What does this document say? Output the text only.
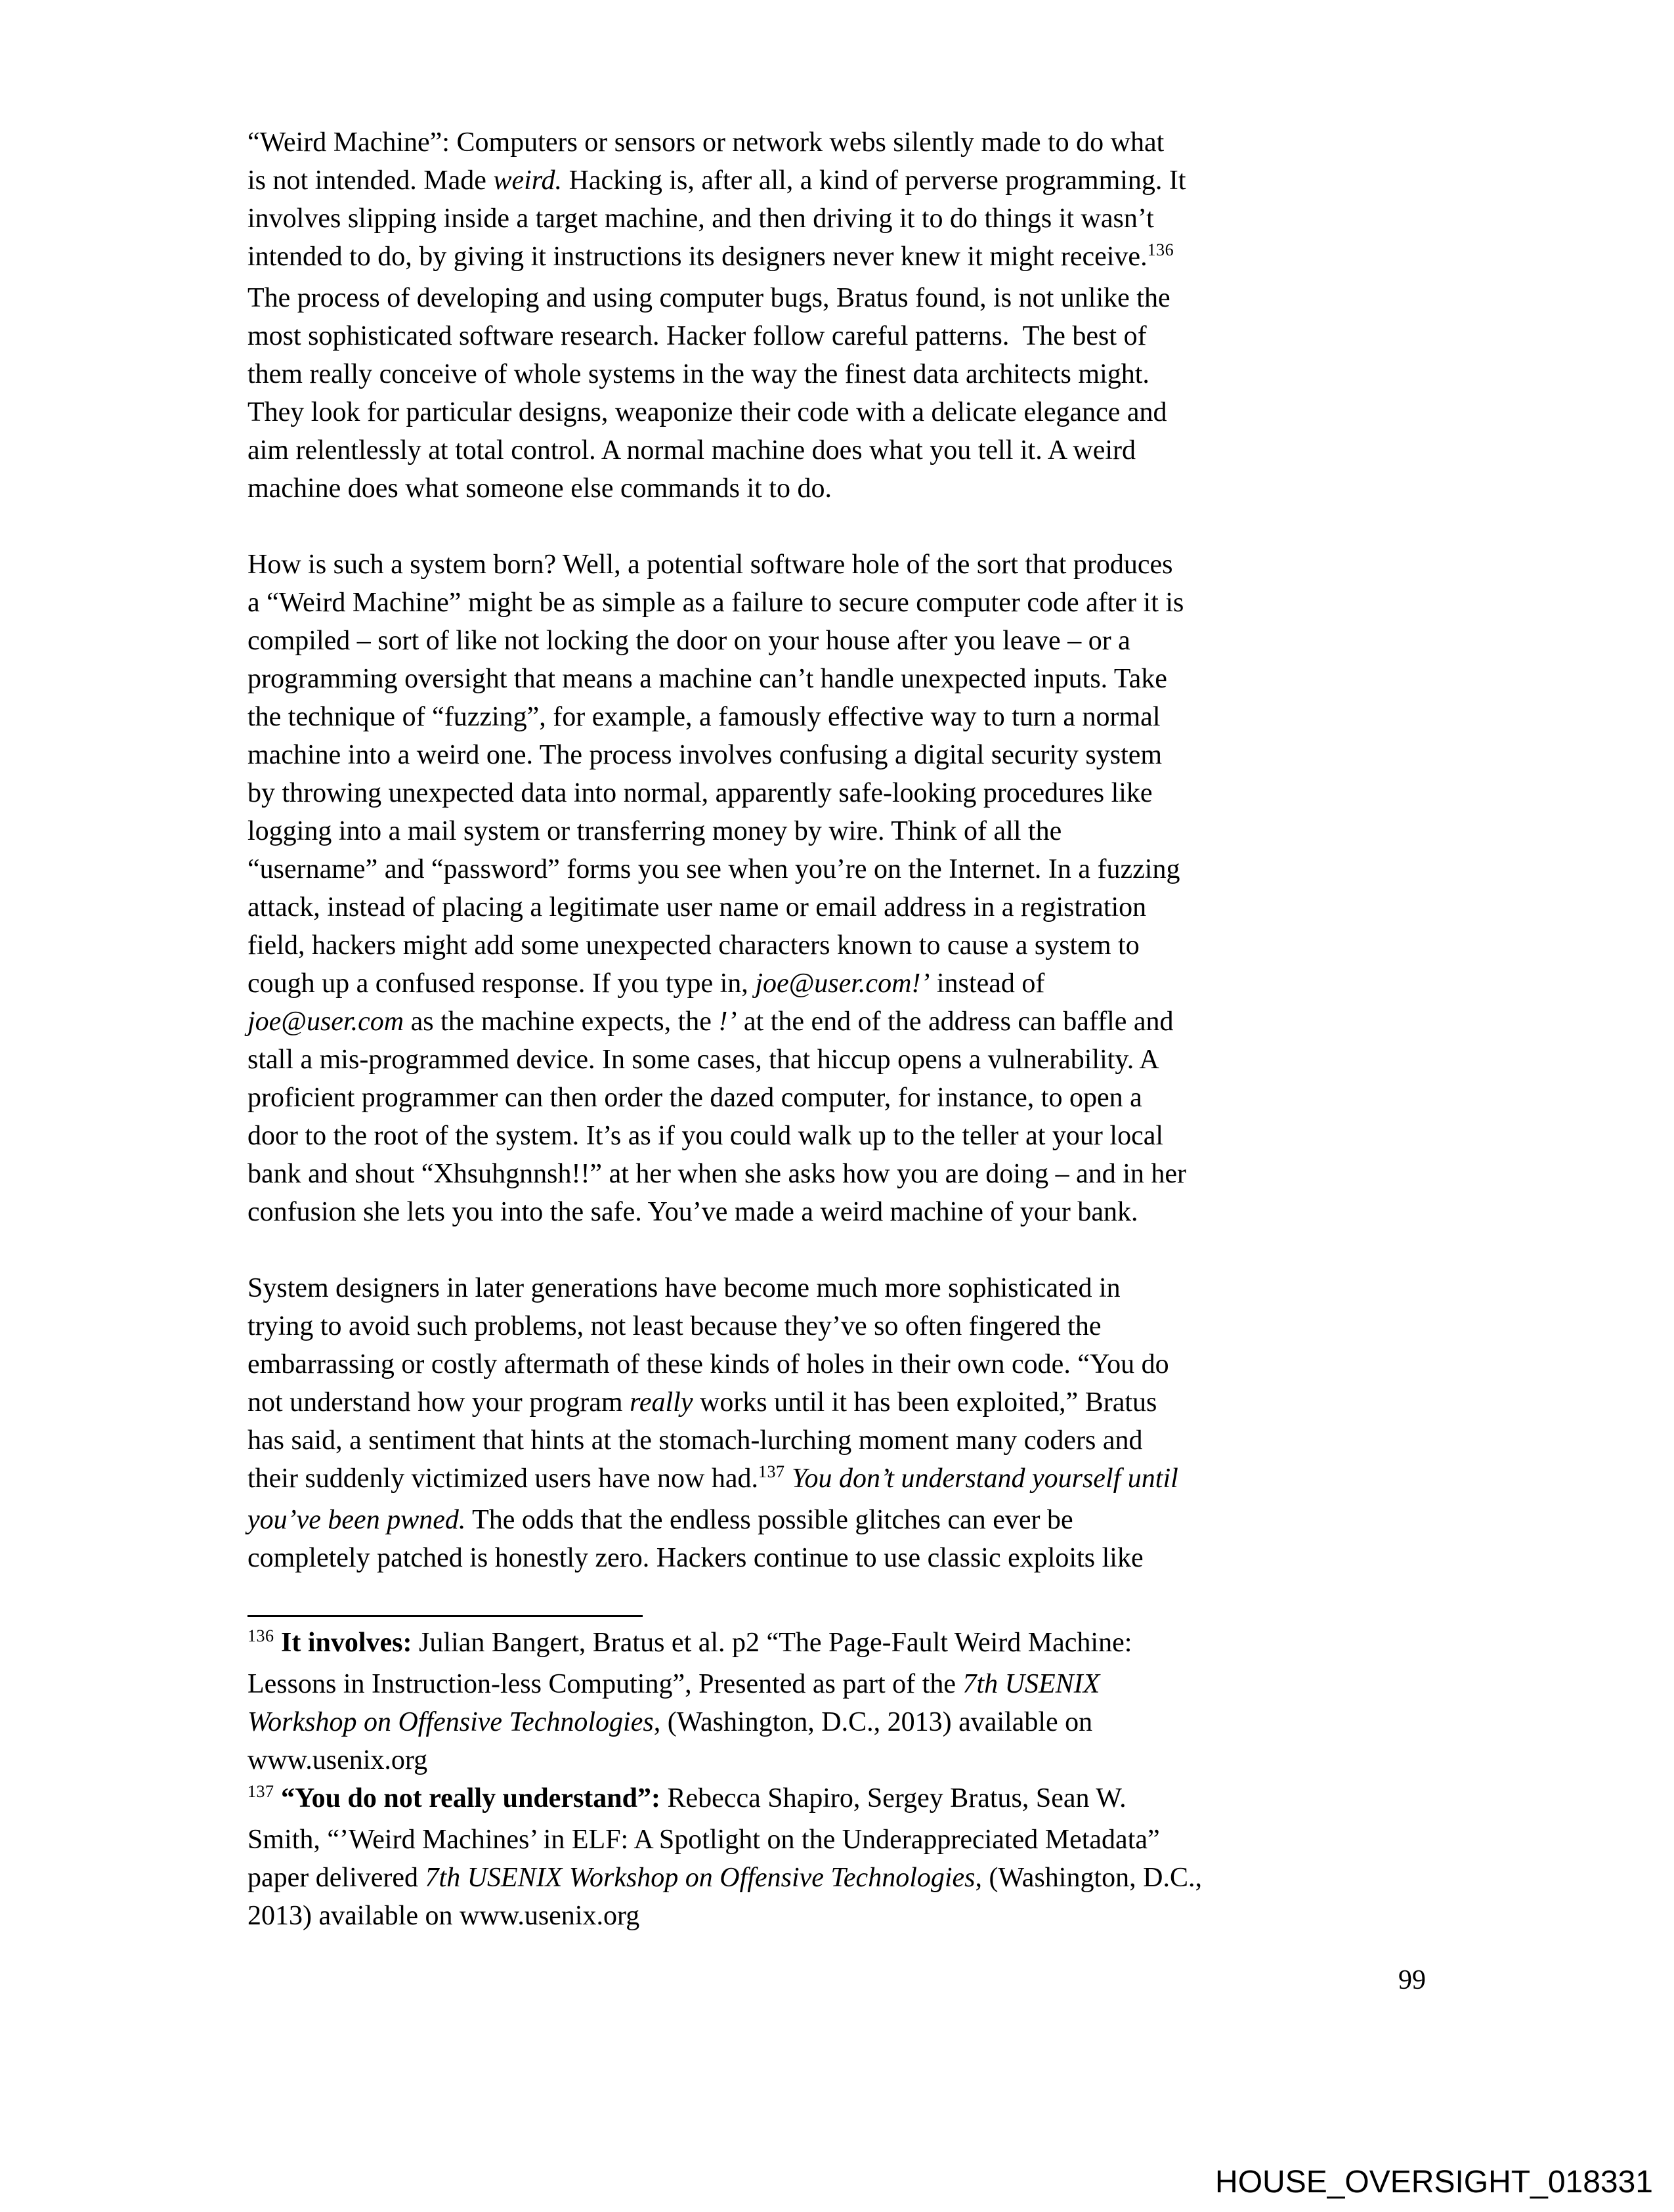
“Weird Machine”: Computers or sensors or network webs silently made to do what
is not intended. Made weird. Hacking is, after all, a kind of perverse programming. It
involves slipping inside a target machine, and then driving it to do things it wasn’t
intended to do, by giving it instructions its designers never knew it might receive.$^{136}$
The process of developing and using computer bugs, Bratus found, is not unlike the
most sophisticated software research. Hacker follow careful patterns.  The best of
them really conceive of whole systems in the way the finest data architects might.
They look for particular designs, weaponize their code with a delicate elegance and
aim relentlessly at total control. A normal machine does what you tell it. A weird
machine does what someone else commands it to do.
How is such a system born? Well, a potential software hole of the sort that produces
a “Weird Machine” might be as simple as a failure to secure computer code after it is
compiled – sort of like not locking the door on your house after you leave – or a
programming oversight that means a machine can’t handle unexpected inputs. Take
the technique of “fuzzing”, for example, a famously effective way to turn a normal
machine into a weird one. The process involves confusing a digital security system
by throwing unexpected data into normal, apparently safe-looking procedures like
logging into a mail system or transferring money by wire. Think of all the
“username” and “password” forms you see when you’re on the Internet. In a fuzzing
attack, instead of placing a legitimate user name or email address in a registration
field, hackers might add some unexpected characters known to cause a system to
cough up a confused response. If you type in, joe@user.com!’ instead of
joe@user.com as the machine expects, the !’ at the end of the address can baffle and
stall a mis-programmed device. In some cases, that hiccup opens a vulnerability. A
proficient programmer can then order the dazed computer, for instance, to open a
door to the root of the system. It’s as if you could walk up to the teller at your local
bank and shout “Xhsuhgnnsh!!” at her when she asks how you are doing – and in her
confusion she lets you into the safe. You’ve made a weird machine of your bank.
System designers in later generations have become much more sophisticated in
trying to avoid such problems, not least because they’ve so often fingered the
embarrassing or costly aftermath of these kinds of holes in their own code. “You do
not understand how your program really works until it has been exploited,” Bratus
has said, a sentiment that hints at the stomach-lurching moment many coders and
their suddenly victimized users have now had.$^{137}$ You don’t understand yourself until
you’ve been pwned. The odds that the endless possible glitches can ever be
completely patched is honestly zero. Hackers continue to use classic exploits like
$^{136}$ It involves: Julian Bangert, Bratus et al. p2 “The Page-Fault Weird Machine:
Lessons in Instruction-less Computing”, Presented as part of the 7th USENIX
Workshop on Offensive Technologies, (Washington, D.C., 2013) available on
www.usenix.org
$^{137}$ “You do not really understand”: Rebecca Shapiro, Sergey Bratus, Sean W.
Smith, “’Weird Machines’ in ELF: A Spotlight on the Underappreciated Metadata”
paper delivered 7th USENIX Workshop on Offensive Technologies, (Washington, D.C.,
2013) available on www.usenix.org
99
HOUSE_OVERSIGHT_018331
